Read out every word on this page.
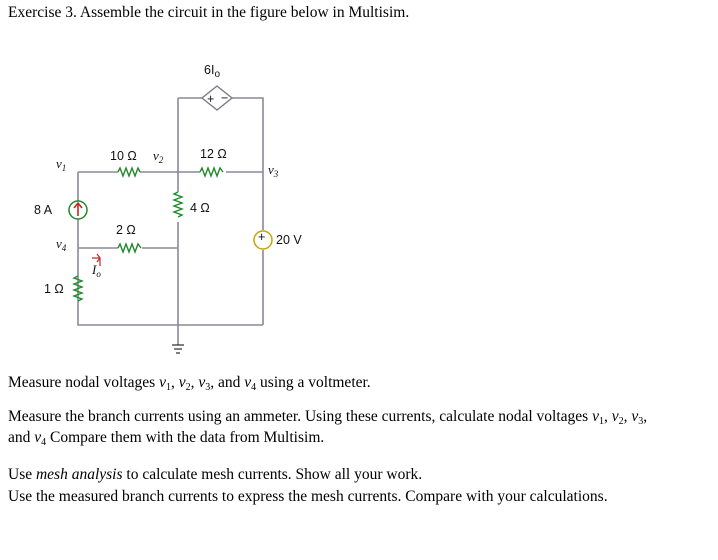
Exercise 3. Assemble the circuit in the figure below in Multisim.
+ −
+
$6I_o$
10 Ω $v_2$	12 Ω
$v_1$	$v_3$
8 A	4 Ω
2 Ω
$v_4$
20 V
$I_o$
1 Ω
Measure nodal voltages $v_1$, $v_2$, $v_3$, and $v_4$ using a voltmeter.
Measure the branch currents using an ammeter. Using these currents, calculate nodal voltages $v_1$, $v_2$, $v_3$,
and $v_4$ Compare them with the data from Multisim.
Use mesh analysis to calculate mesh currents. Show all your work.
Use the measured branch currents to express the mesh currents. Compare with your calculations.
